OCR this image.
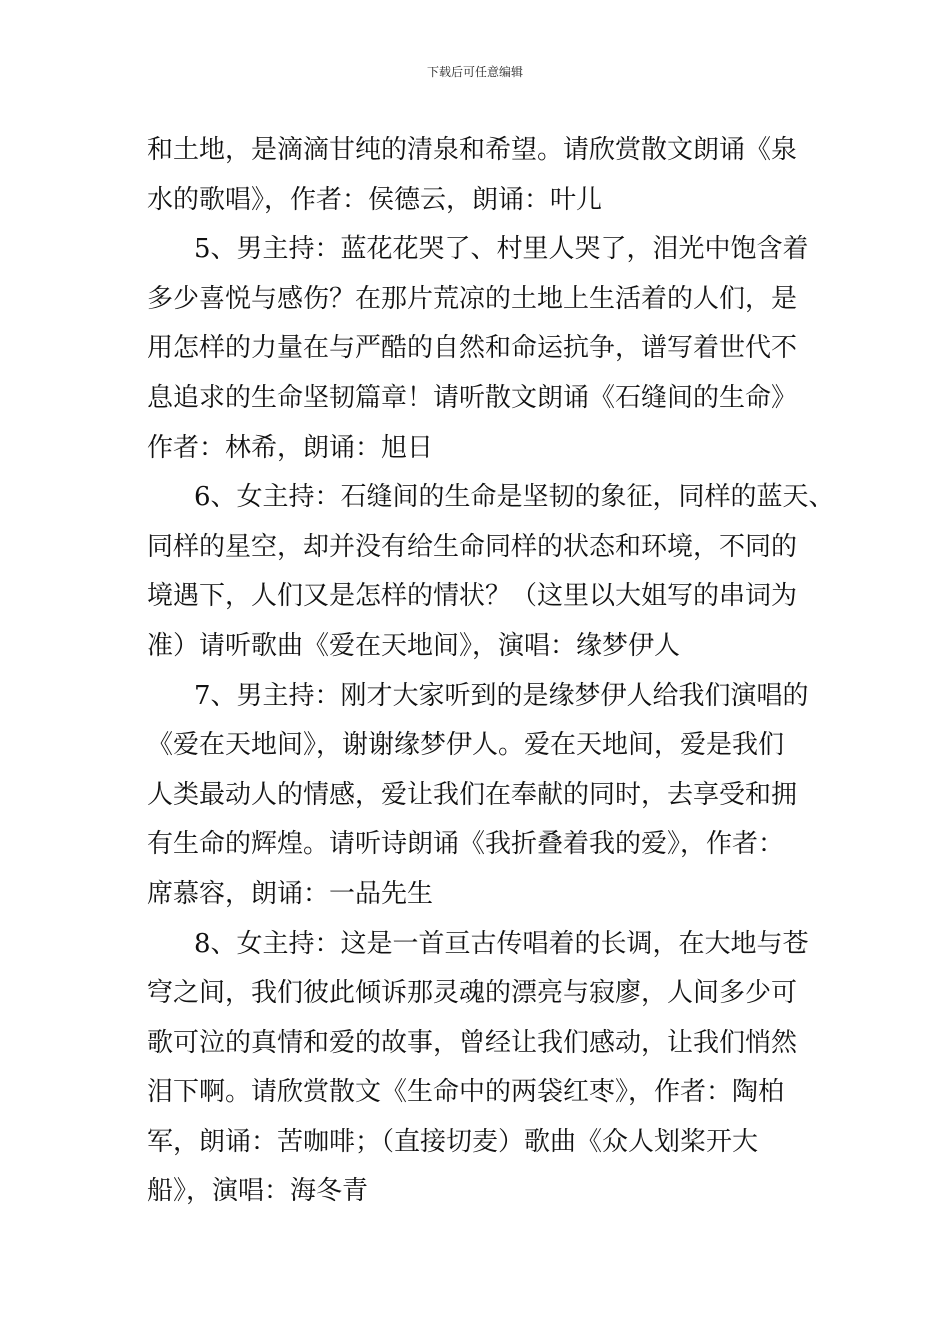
下载后可任意编辑
和土地，是滴滴甘纯的清泉和希望。请欣赏散文朗诵《泉
水的歌唱》，作者：侯德云，朗诵：叶儿
5、男主持：蓝花花哭了、村里人哭了，泪光中饱含着
多少喜悦与感伤？在那片荒凉的土地上生活着的人们，是
用怎样的力量在与严酷的自然和命运抗争，谱写着世代不
息追求的生命坚韧篇章！请听散文朗诵《石缝间的生命》
作者：林希，朗诵：旭日
6、女主持：石缝间的生命是坚韧的象征，同样的蓝天、
同样的星空，却并没有给生命同样的状态和环境，不同的
境遇下，人们又是怎样的情状？（这里以大姐写的串词为
准）请听歌曲《爱在天地间》，演唱：缘梦伊人
7、男主持：刚才大家听到的是缘梦伊人给我们演唱的
《爱在天地间》，谢谢缘梦伊人。爱在天地间，爱是我们
人类最动人的情感，爱让我们在奉献的同时，去享受和拥
有生命的辉煌。请听诗朗诵《我折叠着我的爱》，作者：
席慕容，朗诵：一品先生
8、女主持：这是一首亘古传唱着的长调，在大地与苍
穹之间，我们彼此倾诉那灵魂的漂亮与寂廖，人间多少可
歌可泣的真情和爱的故事，曾经让我们感动，让我们悄然
泪下啊。请欣赏散文《生命中的两袋红枣》，作者：陶柏
军，朗诵：苦咖啡；（直接切麦）歌曲《众人划桨开大
船》，演唱：海冬青
